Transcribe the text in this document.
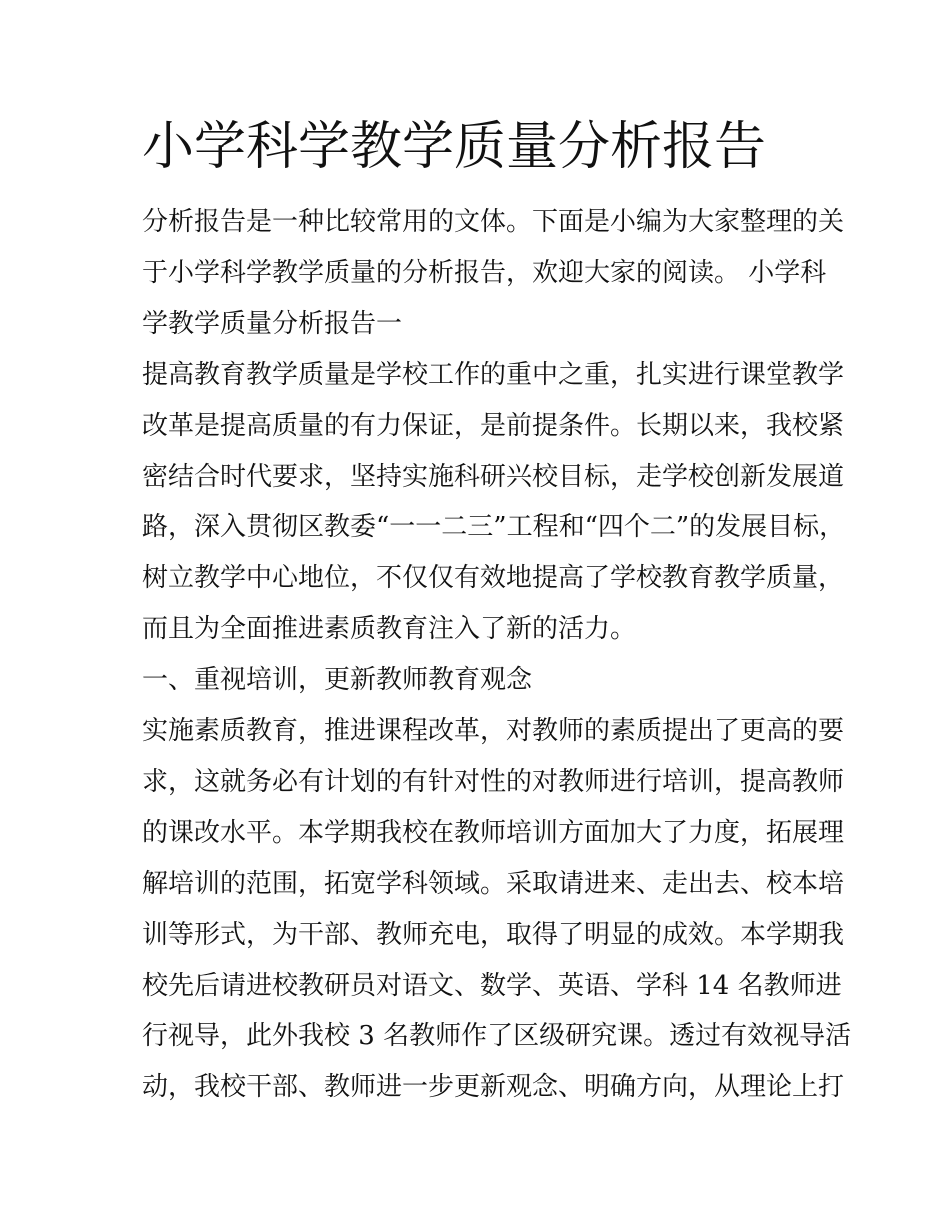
小学科学教学质量分析报告
分析报告是一种比较常用的文体。下面是小编为大家整理的关
于小学科学教学质量的分析报告，欢迎大家的阅读。 小学科
学教学质量分析报告一
提高教育教学质量是学校工作的重中之重，扎实进行课堂教学
改革是提高质量的有力保证，是前提条件。长期以来，我校紧
密结合时代要求，坚持实施科研兴校目标，走学校创新发展道
路，深入贯彻区教委“一一二三”工程和“四个二”的发展目标，
树立教学中心地位，不仅仅有效地提高了学校教育教学质量，
而且为全面推进素质教育注入了新的活力。
一、重视培训，更新教师教育观念
实施素质教育，推进课程改革，对教师的素质提出了更高的要
求，这就务必有计划的有针对性的对教师进行培训，提高教师
的课改水平。本学期我校在教师培训方面加大了力度，拓展理
解培训的范围，拓宽学科领域。采取请进来、走出去、校本培
训等形式，为干部、教师充电，取得了明显的成效。本学期我
校先后请进校教研员对语文、数学、英语、学科 14 名教师进
行视导，此外我校 3 名教师作了区级研究课。透过有效视导活
动，我校干部、教师进一步更新观念、明确方向，从理论上打
